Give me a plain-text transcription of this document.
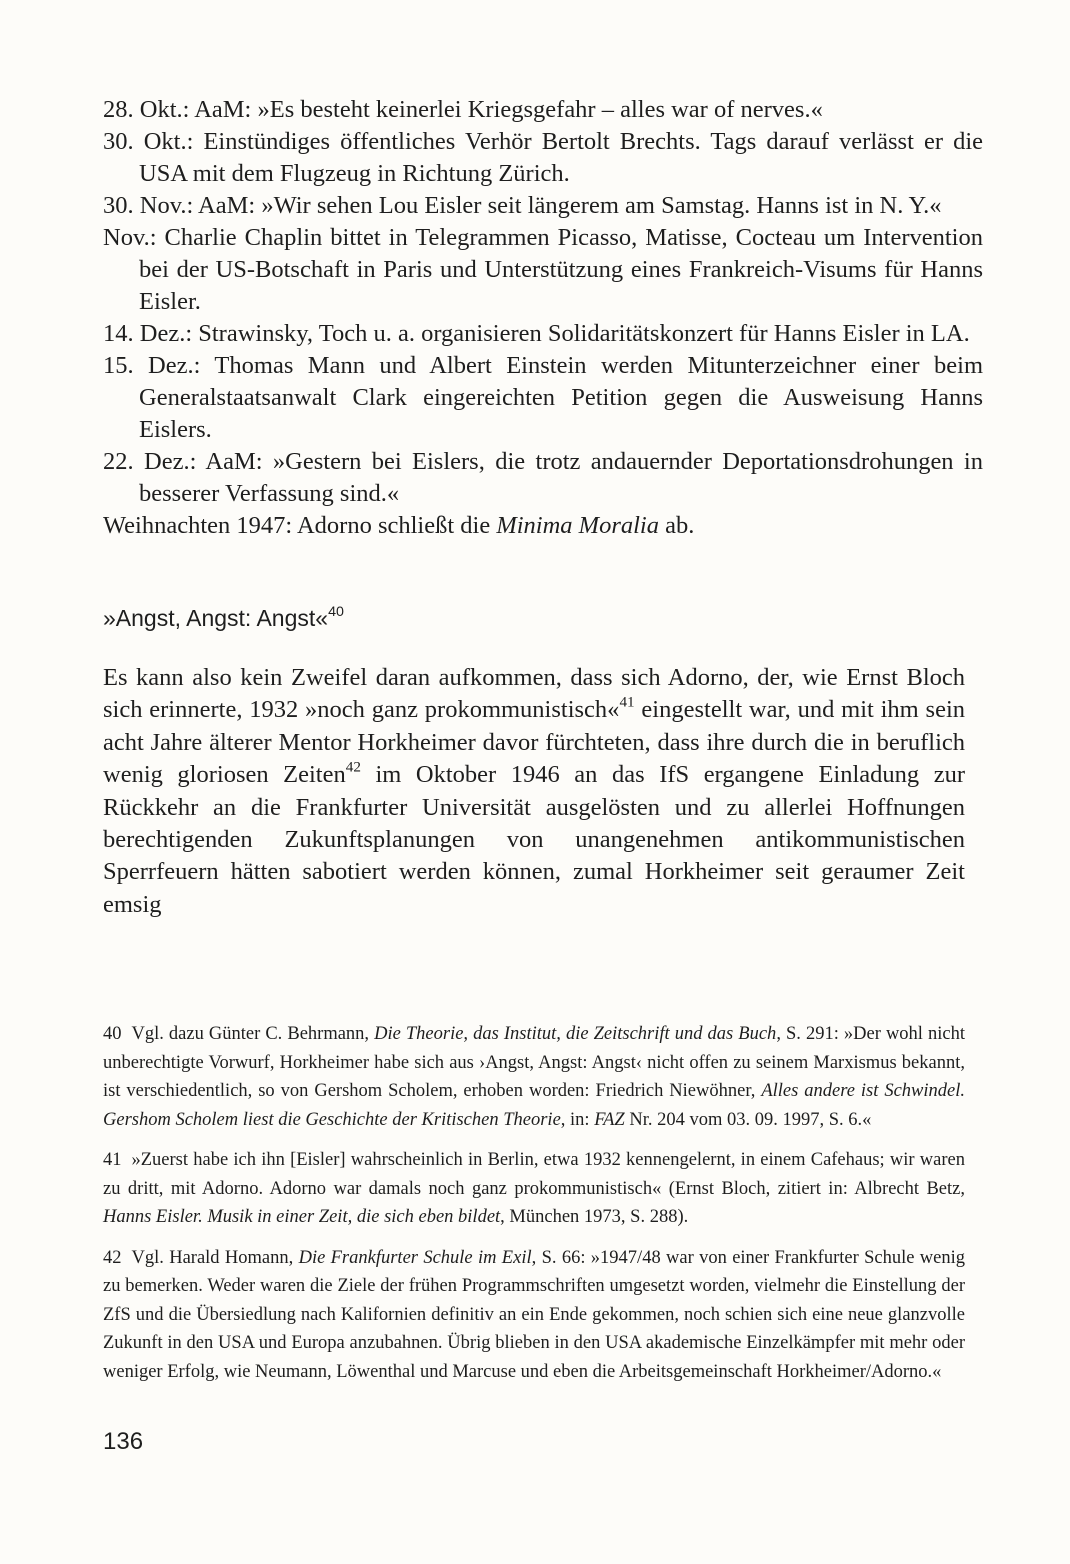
28. Okt.: AaM: »Es besteht keinerlei Kriegsgefahr – alles war of nerves.«
30. Okt.: Einstündiges öffentliches Verhör Bertolt Brechts. Tags darauf verlässt er die USA mit dem Flugzeug in Richtung Zürich.
30. Nov.: AaM: »Wir sehen Lou Eisler seit längerem am Samstag. Hanns ist in N. Y.«
Nov.: Charlie Chaplin bittet in Telegrammen Picasso, Matisse, Cocteau um Intervention bei der US-Botschaft in Paris und Unterstützung eines Frankreich-Visums für Hanns Eisler.
14. Dez.: Strawinsky, Toch u. a. organisieren Solidaritätskonzert für Hanns Eisler in LA.
15. Dez.: Thomas Mann und Albert Einstein werden Mitunterzeichner einer beim Generalstaatsanwalt Clark eingereichten Petition gegen die Ausweisung Hanns Eislers.
22. Dez.: AaM: »Gestern bei Eislers, die trotz andauernder Deportationsdrohungen in besserer Verfassung sind.«
Weihnachten 1947: Adorno schließt die Minima Moralia ab.
»Angst, Angst: Angst«$^{40}$
Es kann also kein Zweifel daran aufkommen, dass sich Adorno, der, wie Ernst Bloch sich erinnerte, 1932 »noch ganz prokommunistisch«$^{41}$ eingestellt war, und mit ihm sein acht Jahre älterer Mentor Horkheimer davor fürchteten, dass ihre durch die in beruflich wenig gloriosen Zeiten$^{42}$ im Oktober 1946 an das IfS ergangene Einladung zur Rückkehr an die Frankfurter Universität ausgelösten und zu allerlei Hoffnungen berechtigenden Zukunftsplanungen von unangenehmen antikommunistischen Sperrfeuern hätten sabotiert werden können, zumal Horkheimer seit geraumer Zeit emsig
40 Vgl. dazu Günter C. Behrmann, Die Theorie, das Institut, die Zeitschrift und das Buch, S. 291: »Der wohl nicht unberechtigte Vorwurf, Horkheimer habe sich aus ›Angst, Angst: Angst‹ nicht offen zu seinem Marxismus bekannt, ist verschiedentlich, so von Gershom Scholem, erhoben worden: Friedrich Niewöhner, Alles andere ist Schwindel. Gershom Scholem liest die Geschichte der Kritischen Theorie, in: FAZ Nr. 204 vom 03. 09. 1997, S. 6.«
41 »Zuerst habe ich ihn [Eisler] wahrscheinlich in Berlin, etwa 1932 kennengelernt, in einem Cafehaus; wir waren zu dritt, mit Adorno. Adorno war damals noch ganz prokommunistisch« (Ernst Bloch, zitiert in: Albrecht Betz, Hanns Eisler. Musik in einer Zeit, die sich eben bildet, München 1973, S. 288).
42 Vgl. Harald Homann, Die Frankfurter Schule im Exil, S. 66: »1947/48 war von einer Frankfurter Schule wenig zu bemerken. Weder waren die Ziele der frühen Programmschriften umgesetzt worden, vielmehr die Einstellung der ZfS und die Übersiedlung nach Kalifornien definitiv an ein Ende gekommen, noch schien sich eine neue glanzvolle Zukunft in den USA und Europa anzubahnen. Übrig blieben in den USA akademische Einzelkämpfer mit mehr oder weniger Erfolg, wie Neumann, Löwenthal und Marcuse und eben die Arbeitsgemeinschaft Horkheimer/Adorno.«
136
